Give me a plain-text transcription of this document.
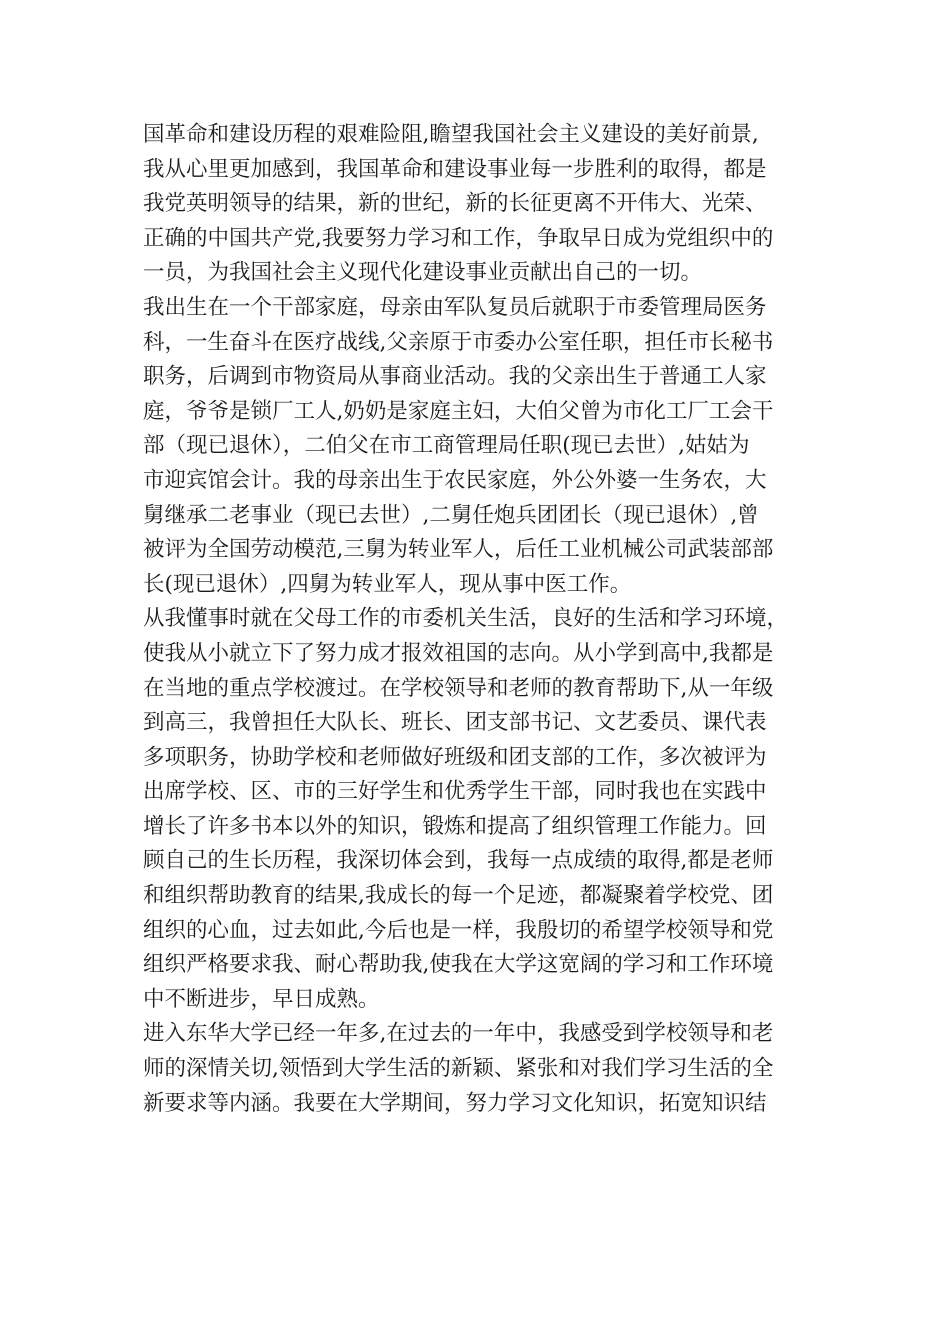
国革命和建设历程的艰难险阻,瞻望我国社会主义建设的美好前景,
我从心里更加感到，我国革命和建设事业每一步胜利的取得，都是
我党英明领导的结果，新的世纪，新的长征更离不开伟大、光荣、
正确的中国共产党,我要努力学习和工作，争取早日成为党组织中的
一员，为我国社会主义现代化建设事业贡献出自己的一切。
我出生在一个干部家庭，母亲由军队复员后就职于市委管理局医务
科，一生奋斗在医疗战线,父亲原于市委办公室任职，担任市长秘书
职务，后调到市物资局从事商业活动。我的父亲出生于普通工人家
庭，爷爷是锁厂工人,奶奶是家庭主妇，大伯父曾为市化工厂工会干
部（现已退休），二伯父在市工商管理局任职(现已去世）,姑姑为
市迎宾馆会计。我的母亲出生于农民家庭，外公外婆一生务农，大
舅继承二老事业（现已去世）,二舅任炮兵团团长（现已退休）,曾
被评为全国劳动模范,三舅为转业军人，后任工业机械公司武装部部
长(现已退休）,四舅为转业军人，现从事中医工作。
从我懂事时就在父母工作的市委机关生活，良好的生活和学习环境，
使我从小就立下了努力成才报效祖国的志向。从小学到高中,我都是
在当地的重点学校渡过。在学校领导和老师的教育帮助下,从一年级
到高三，我曾担任大队长、班长、团支部书记、文艺委员、课代表
多项职务，协助学校和老师做好班级和团支部的工作，多次被评为
出席学校、区、市的三好学生和优秀学生干部，同时我也在实践中
增长了许多书本以外的知识，锻炼和提高了组织管理工作能力。回
顾自己的生长历程，我深切体会到，我每一点成绩的取得,都是老师
和组织帮助教育的结果,我成长的每一个足迹，都凝聚着学校党、团
组织的心血，过去如此,今后也是一样，我殷切的希望学校领导和党
组织严格要求我、耐心帮助我,使我在大学这宽阔的学习和工作环境
中不断进步，早日成熟。
进入东华大学已经一年多,在过去的一年中，我感受到学校领导和老
师的深情关切,领悟到大学生活的新颖、紧张和对我们学习生活的全
新要求等内涵。我要在大学期间，努力学习文化知识，拓宽知识结
